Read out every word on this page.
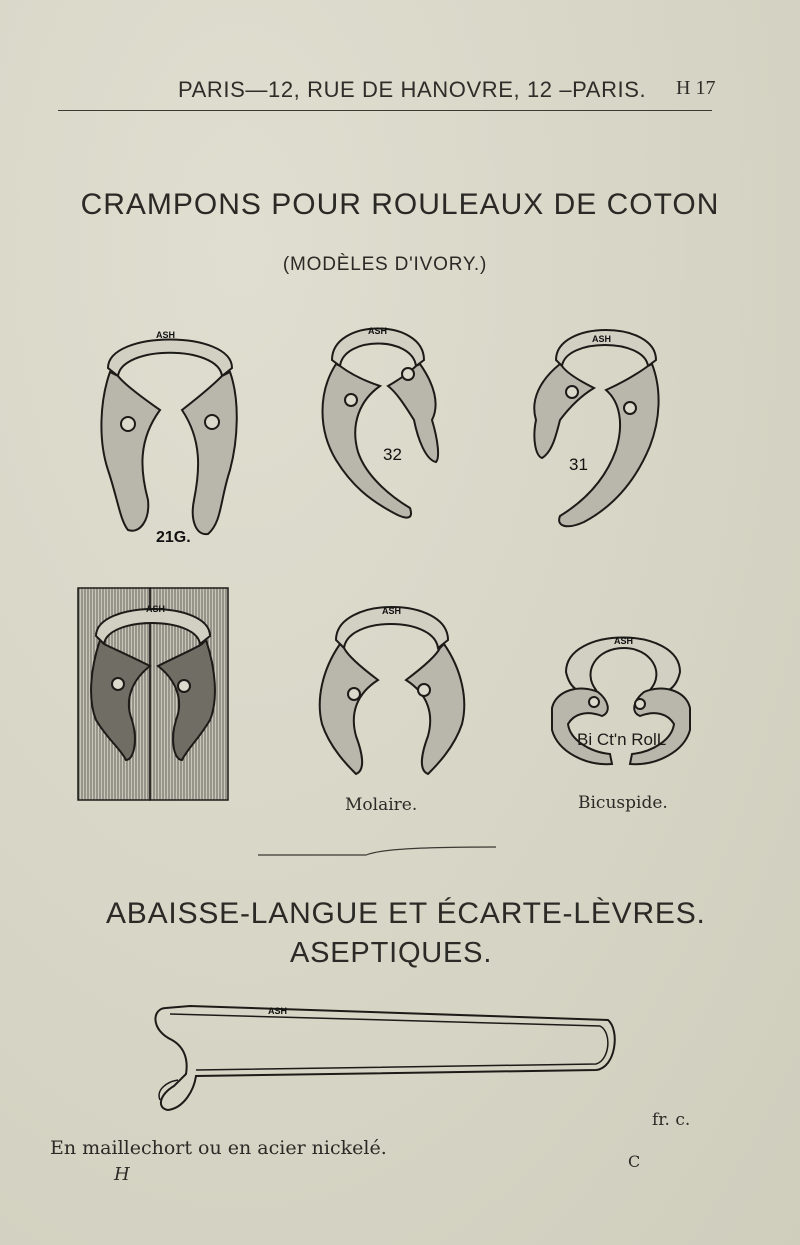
PARIS—12, RUE DE HANOVRE, 12 –PARIS. H 17
CRAMPONS POUR ROULEAUX DE COTON
(MODÈLES D'IVORY.)
ASH
21G.
ASH
32
ASH
31
ASH	ASH
ASH
Bi Ct'n RolL
ASH
Molaire.	Bicuspide.
ABAISSE-LANGUE ET ÉCARTE-LÈVRES.
ASEPTIQUES.
fr. c.
En maillechort ou en acier nickelé.
H
C
